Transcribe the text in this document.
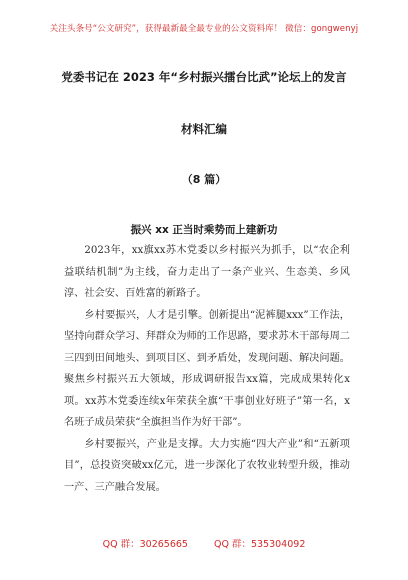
关注头条号“公文研究”，获得最新最全最专业的公文资料库！ 微信：gongwenyj
党委书记在 2023 年“乡村振兴擂台比武”论坛上的发言
材料汇编
（8 篇）
振兴 xx 正当时乘势而上建新功

2023年，xx旗xx苏木党委以乡村振兴为抓手，以“农企利益联结机制”为主线，奋力走出了一条产业兴、生态美、乡风淳、社会安、百姓富的新路子。

乡村要振兴，人才是引擎。创新提出“泥裤腿xxx”工作法，坚持向群众学习、拜群众为师的工作思路，要求苏木干部每周二三四到田间地头、到项目区、到矛盾处，发现问题、解决问题。聚焦乡村振兴五大领域，形成调研报告xx篇，完成成果转化x项。xx苏木党委连续x年荣获全旗“干事创业好班子”第一名，x 名班子成员荣获“全旗担当作为好干部”。

乡村要振兴，产业是支撑。大力实施“四大产业”和“五新项目”，总投资突破xx亿元，进一步深化了农牧业转型升级，推动一产、三产融合发展。

QQ 群：30265665	QQ 群：535304092
